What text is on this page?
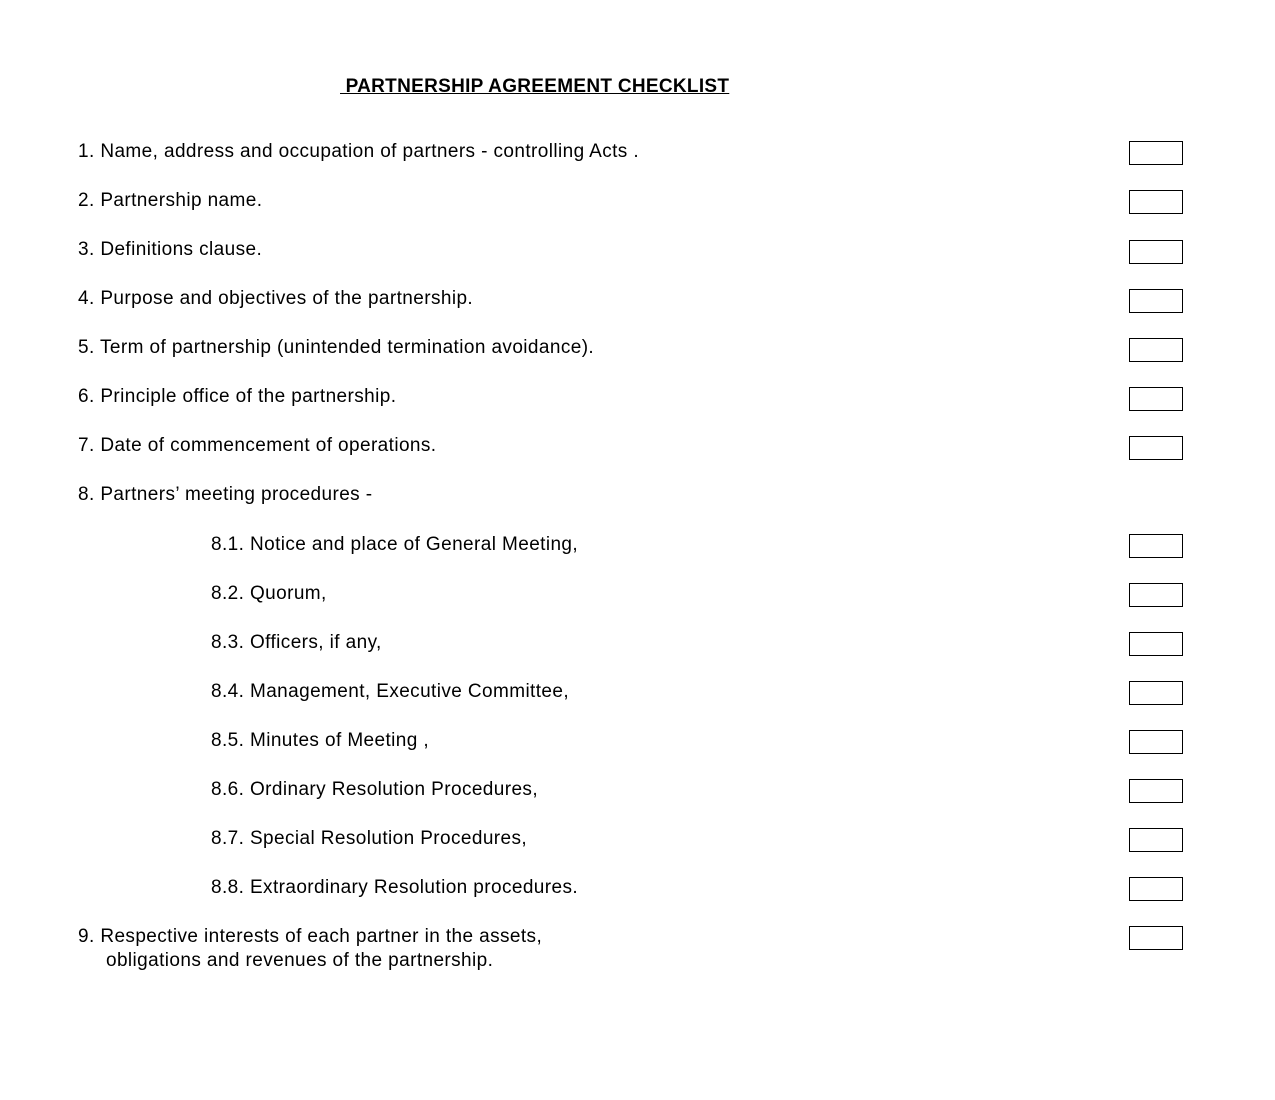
PARTNERSHIP AGREEMENT CHECKLIST
1. Name, address and occupation of partners - controlling Acts .
2. Partnership name.
3. Definitions clause.
4. Purpose and objectives of the partnership.
5. Term of partnership (unintended termination avoidance).
6. Principle office of the partnership.
7. Date of commencement of operations.
8. Partners’ meeting procedures -
8.1. Notice and place of General Meeting,
8.2. Quorum,
8.3. Officers, if any,
8.4. Management, Executive Committee,
8.5. Minutes of Meeting ,
8.6. Ordinary Resolution Procedures,
8.7. Special Resolution Procedures,
8.8. Extraordinary Resolution procedures.
9. Respective interests of each partner in the assets,
obligations and revenues of the partnership.
